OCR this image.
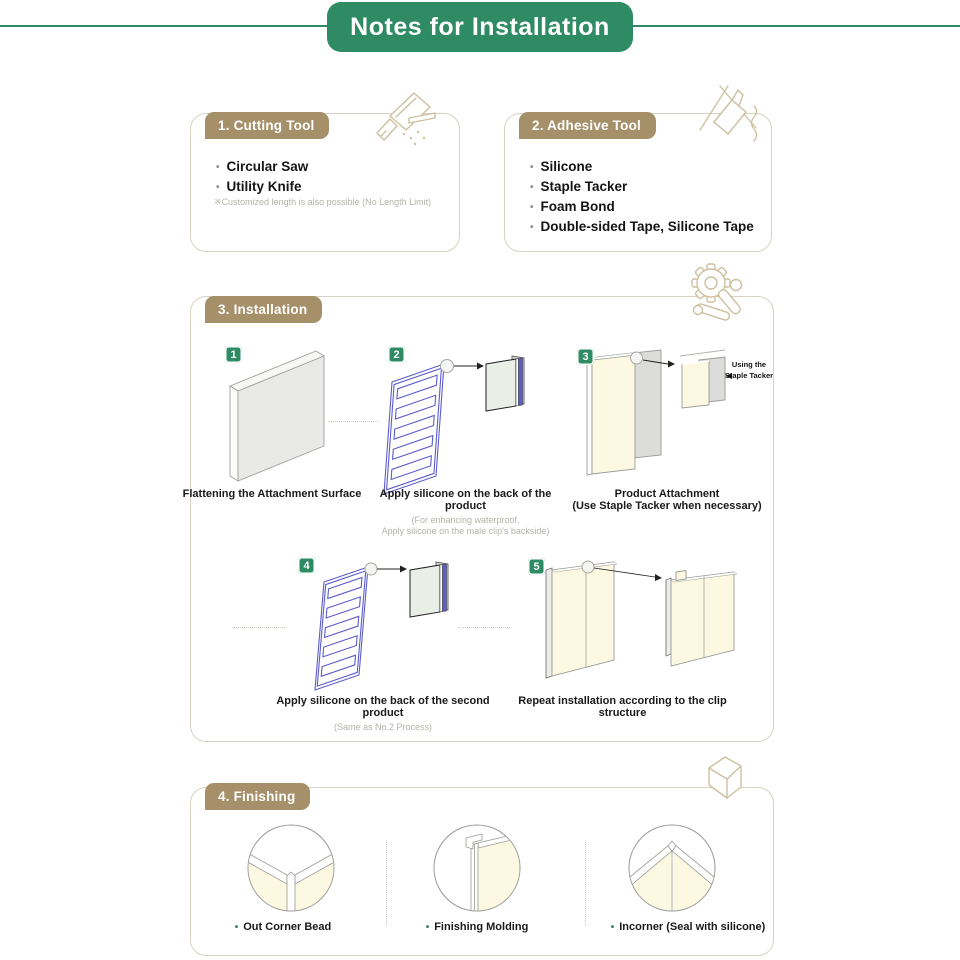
Notes for Installation
1. Cutting Tool
• Circular Saw
• Utility Knife
※Customized length is also possible (No Length Limit)
2. Adhesive Tool
• Silicone
• Staple Tacker
• Foam Bond
• Double-sided Tape, Silicone Tape
3. Installation
1	2	3
4	5
Using the
Staple Tacker
Flattening the Attachment Surface	Apply silicone on the back of the product
(For enhancing waterproof,
Apply silicone on the male clip's backside)
Product Attachment
(Use Staple Tacker when necessary)
Apply silicone on the back of the second product
(Same as No.2 Process)
Repeat installation according to the clip structure
4. Finishing
• Out Corner Bead	• Finishing Molding	• Incorner (Seal with silicone)
